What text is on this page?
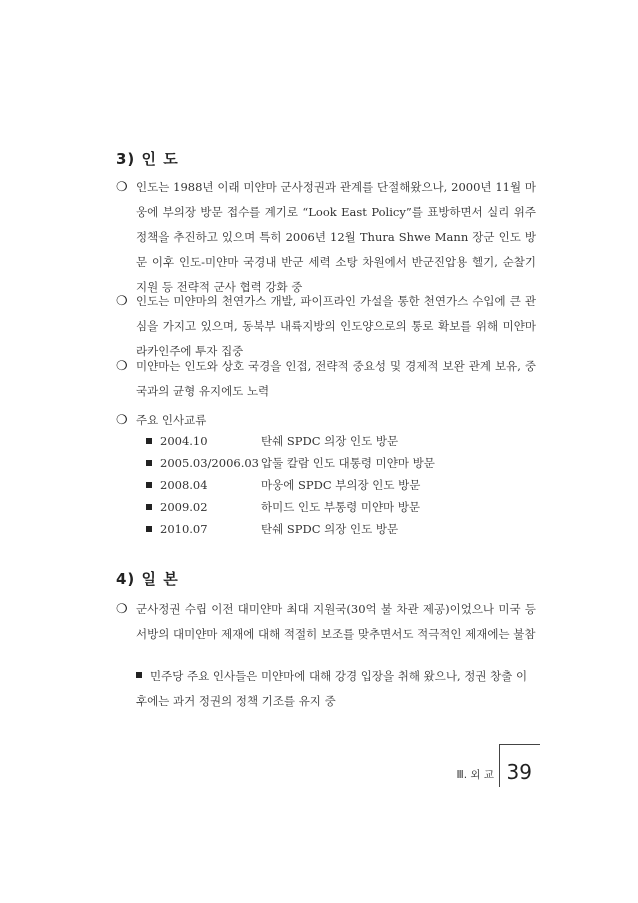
3) 인 도
❍ 인도는 1988년 이래 미얀마 군사정권과 관계를 단절해왔으나, 2000년 11월 마웅에 부의장 방문 접수를 계기로 “Look East Policy”를 표방하면서 실리 위주 정책을 추진하고 있으며 특히 2006년 12월 Thura Shwe Mann 장군 인도 방문 이후 인도-미얀마 국경내 반군 세력 소탕 차원에서 반군진압용 헬기, 순찰기 지원 등 전략적 군사 협력 강화 중
❍ 인도는 미얀마의 천연가스 개발, 파이프라인 가설을 통한 천연가스 수입에 큰 관심을 가지고 있으며, 동북부 내륙지방의 인도양으로의 통로 확보를 위해 미얀마 라카인주에 투자 집중
❍ 미얀마는 인도와 상호 국경을 인접, 전략적 중요성 및 경제적 보완 관계 보유, 중국과의 균형 유지에도 노력
❍ 주요 인사교류
2004.10	탄쉐 SPDC 의장 인도 방문
2005.03/2006.03 압둘 칼람 인도 대통령 미얀마 방문
2008.04	마웅에 SPDC 부의장 인도 방문
2009.02	하미드 인도 부통령 미얀마 방문
2010.07	탄쉐 SPDC 의장 인도 방문
4) 일 본
❍ 군사정권 수립 이전 대미얀마 최대 지원국(30억 불 차관 제공)이었으나 미국 등 서방의 대미얀마 제재에 대해 적절히 보조를 맞추면서도 적극적인 제재에는 불참
민주당 주요 인사들은 미얀마에 대해 강경 입장을 취해 왔으나, 정권 창출 이후에는 과거 정권의 정책 기조를 유지 중
Ⅲ. 외 교 39
